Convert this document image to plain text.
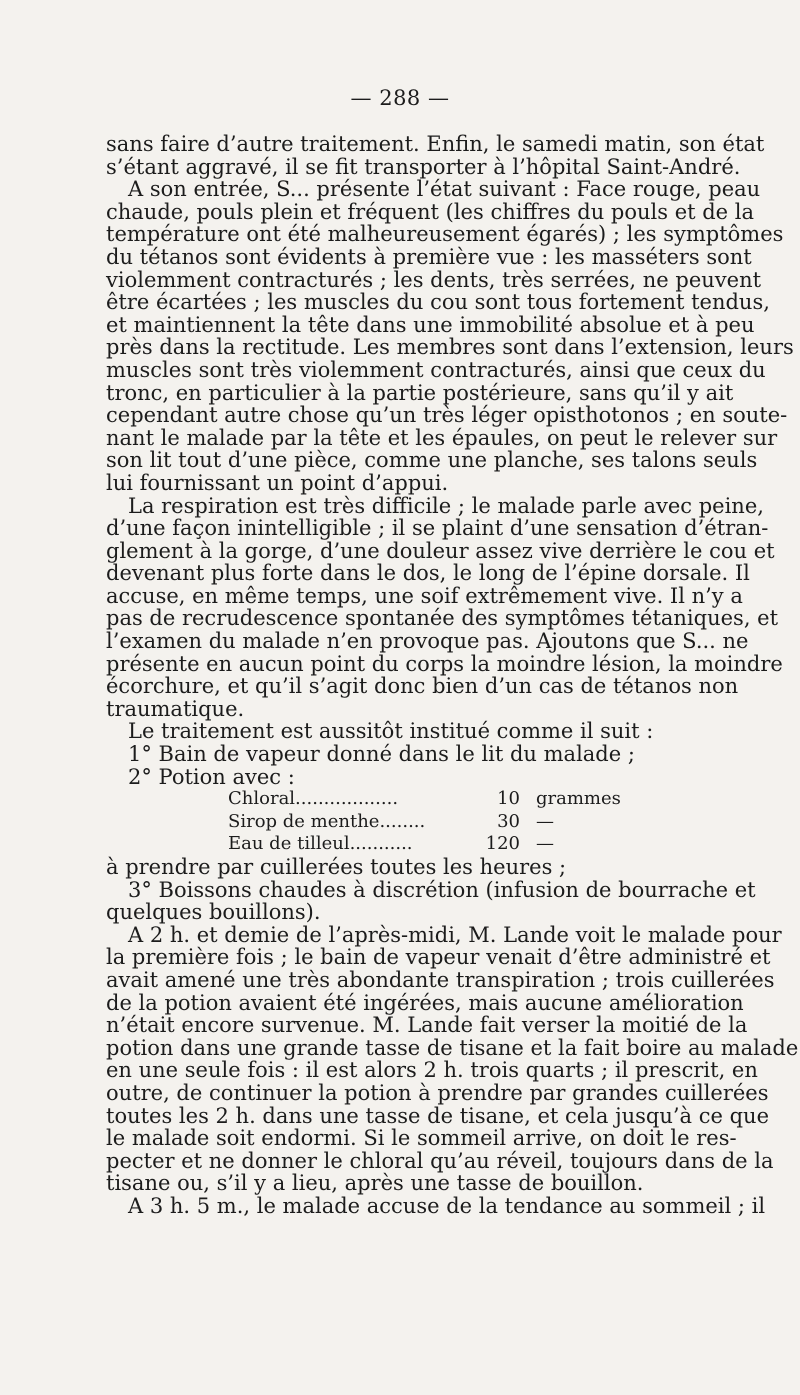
— 288 —
sans faire d’autre traitement. Enfin, le samedi matin, son état
s’étant aggravé, il se fit transporter à l’hôpital Saint-André.
A son entrée, S... présente l’état suivant : Face rouge, peau
chaude, pouls plein et fréquent (les chiffres du pouls et de la
température ont été malheureusement égarés) ; les symptômes
du tétanos sont évidents à première vue : les masséters sont
violemment contracturés ; les dents, très serrées, ne peuvent
être écartées ; les muscles du cou sont tous fortement tendus,
et maintiennent la tête dans une immobilité absolue et à peu
près dans la rectitude. Les membres sont dans l’extension, leurs
muscles sont très violemment contracturés, ainsi que ceux du
tronc, en particulier à la partie postérieure, sans qu’il y ait
cependant autre chose qu’un très léger opisthotonos ; en soute-
nant le malade par la tête et les épaules, on peut le relever sur
son lit tout d’une pièce, comme une planche, ses talons seuls
lui fournissant un point d’appui.
La respiration est très difficile ; le malade parle avec peine,
d’une façon inintelligible ; il se plaint d’une sensation d’étran-
glement à la gorge, d’une douleur assez vive derrière le cou et
devenant plus forte dans le dos, le long de l’épine dorsale. Il
accuse, en même temps, une soif extrêmement vive. Il n’y a
pas de recrudescence spontanée des symptômes tétaniques, et
l’examen du malade n’en provoque pas. Ajoutons que S... ne
présente en aucun point du corps la moindre lésion, la moindre
écorchure, et qu’il s’agit donc bien d’un cas de tétanos non
traumatique.
Le traitement est aussitôt institué comme il suit :
1° Bain de vapeur donné dans le lit du malade ;
2° Potion avec :
Chloral..................	10 grammes
Sirop de menthe........	30 —
Eau de tilleul...........	120 —
à prendre par cuillerées toutes les heures ;
3° Boissons chaudes à discrétion (infusion de bourrache et
quelques bouillons).
A 2 h. et demie de l’après-midi, M. Lande voit le malade pour
la première fois ; le bain de vapeur venait d’être administré et
avait amené une très abondante transpiration ; trois cuillerées
de la potion avaient été ingérées, mais aucune amélioration
n’était encore survenue. M. Lande fait verser la moitié de la
potion dans une grande tasse de tisane et la fait boire au malade
en une seule fois : il est alors 2 h. trois quarts ; il prescrit, en
outre, de continuer la potion à prendre par grandes cuillerées
toutes les 2 h. dans une tasse de tisane, et cela jusqu’à ce que
le malade soit endormi. Si le sommeil arrive, on doit le res-
pecter et ne donner le chloral qu’au réveil, toujours dans de la
tisane ou, s’il y a lieu, après une tasse de bouillon.
A 3 h. 5 m., le malade accuse de la tendance au sommeil ; il
